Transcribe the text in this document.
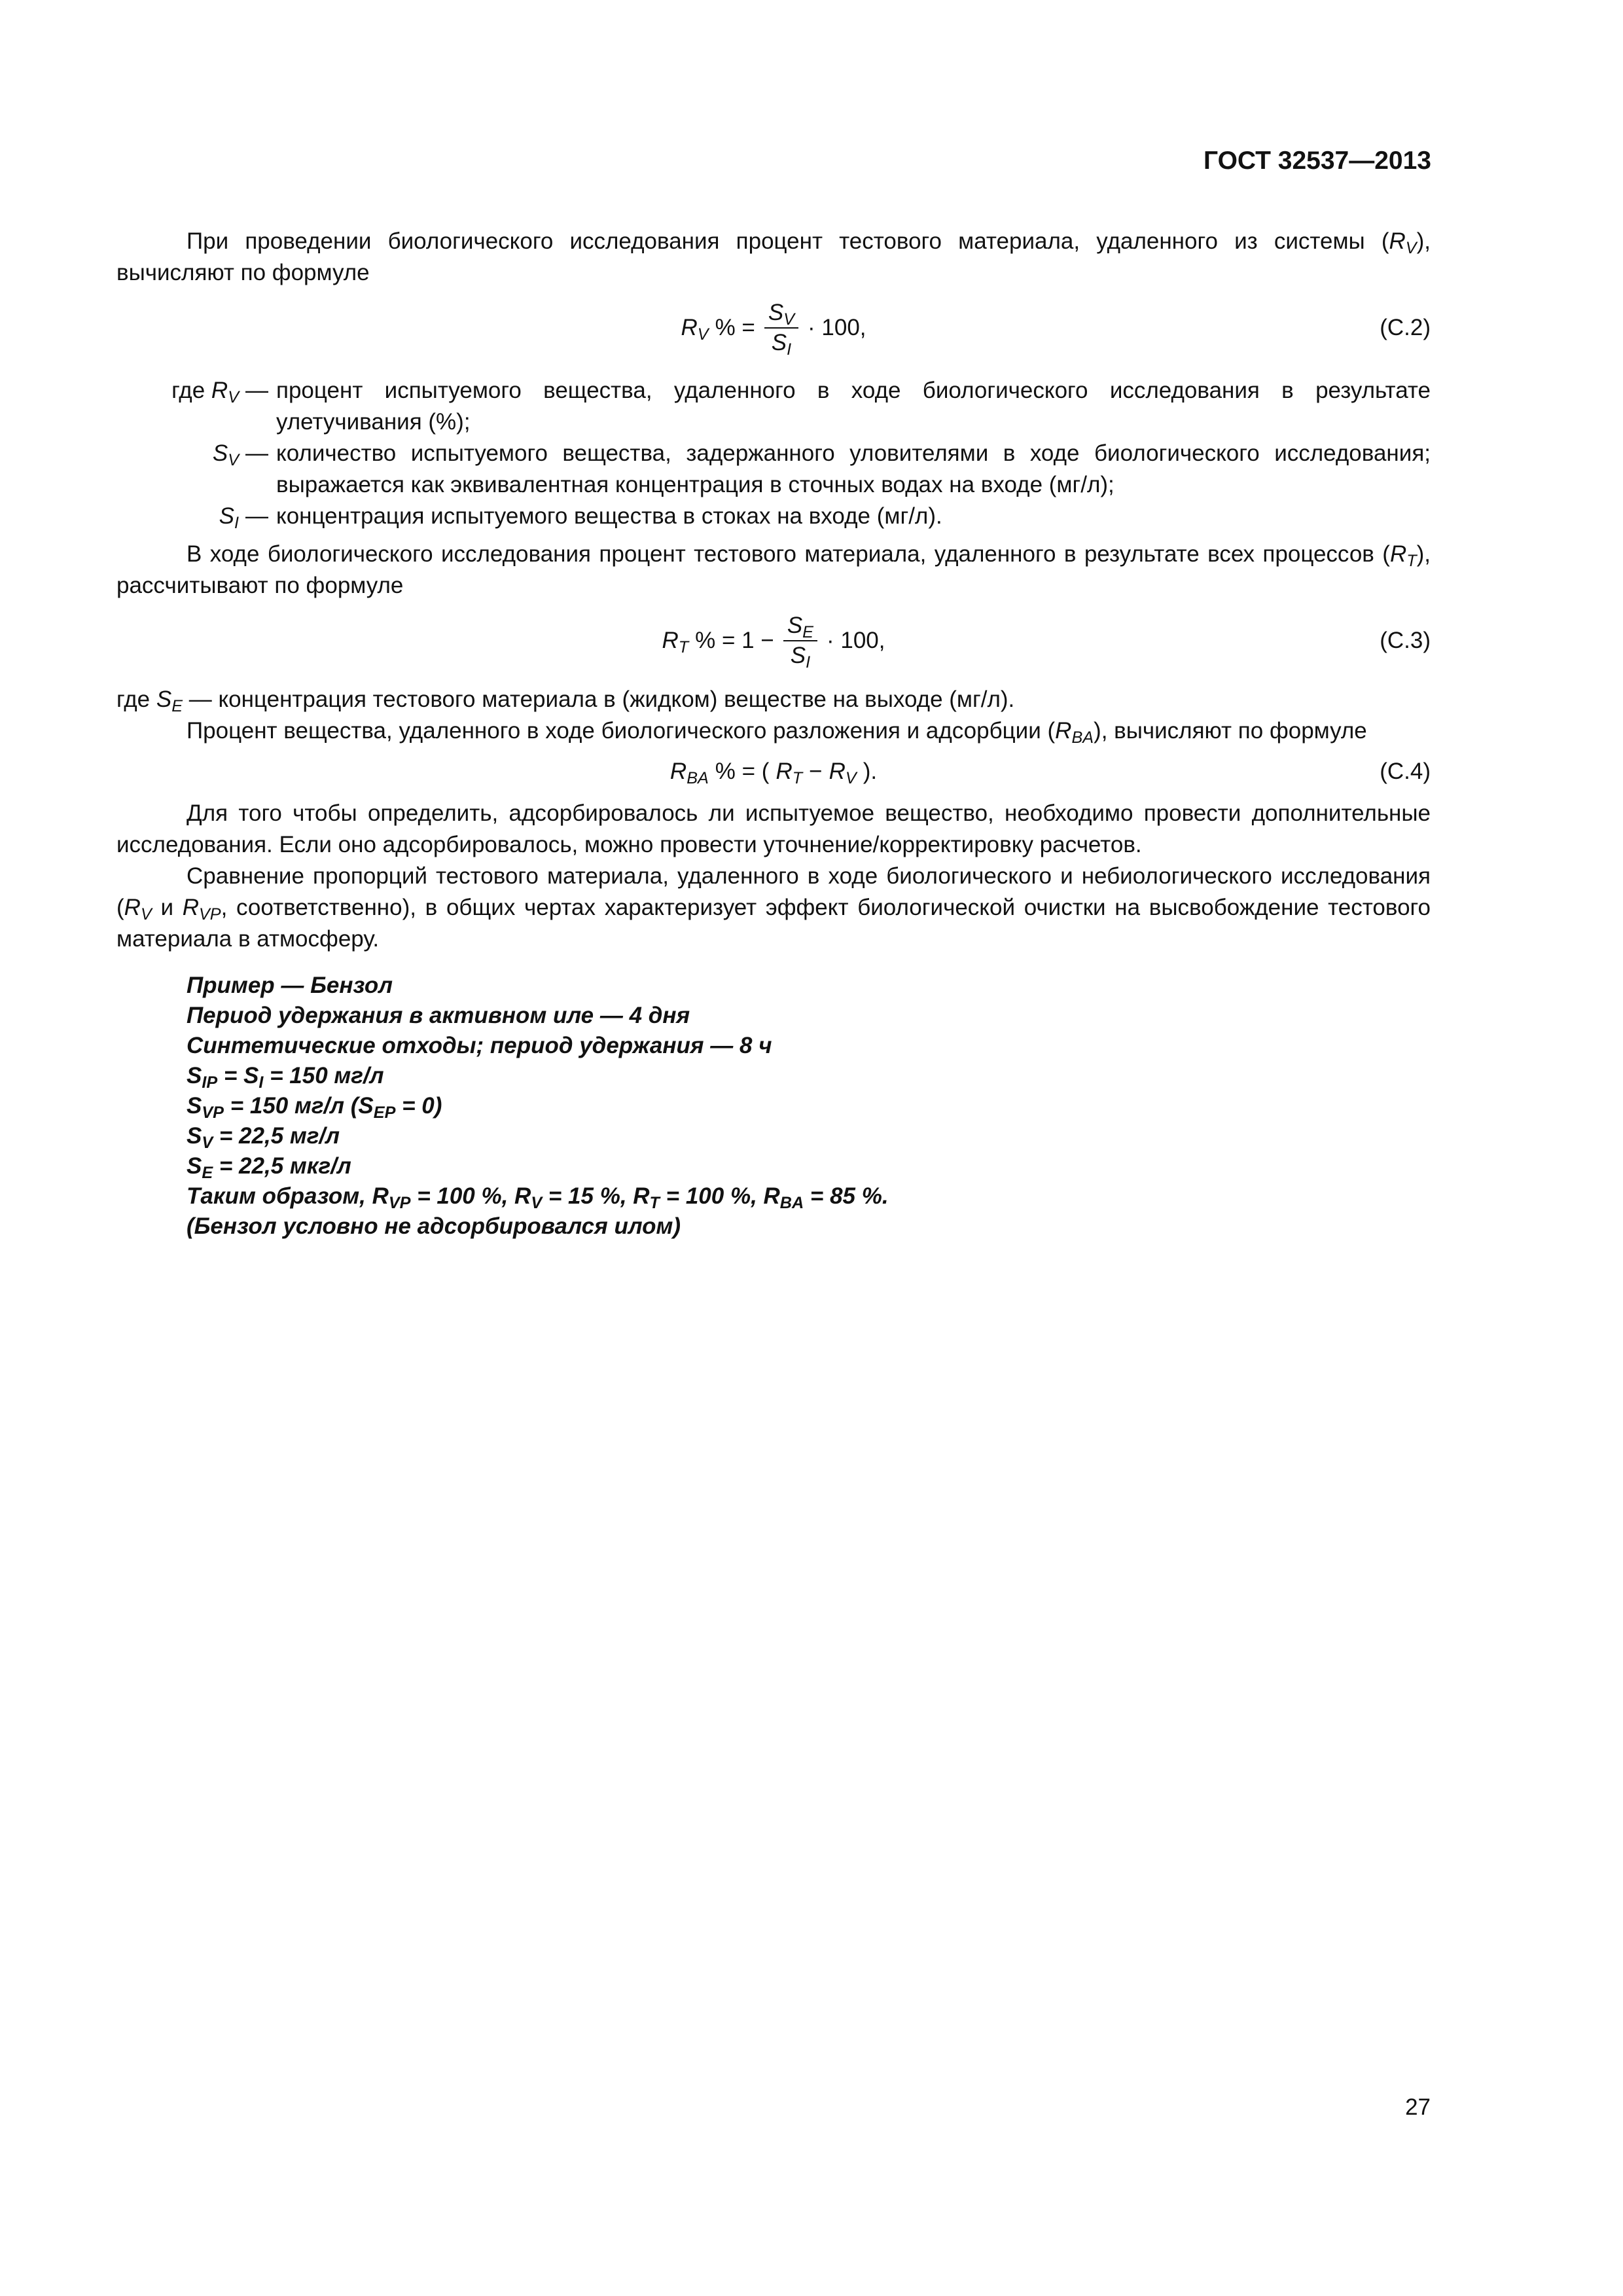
ГОСТ 32537—2013

При проведении биологического исследования процент тестового материала, удаленного из системы $(R_V)$, вычисляют по формуле

$R_V$ % = $\frac{S_V}{S_I} \cdot 100$,	(С.2)
где $R_V$ — процент испытуемого вещества, удаленного в ходе биологического исследования в результате улетучивания (%);
$S_V$ — количество испытуемого вещества, задержанного уловителями в ходе биологического исследования; выражается как эквивалентная концентрация в сточных водах на входе (мг/л);
$S_I$ — концентрация испытуемого вещества в стоках на входе (мг/л).

В ходе биологического исследования процент тестового материала, удаленного в результате всех процессов $(R_T)$, рассчитывают по формуле

$R_T$ % = $1 - \frac{S_E}{S_I} \cdot 100$,	(С.3)

где $S_E$ — концентрация тестового материала в (жидком) веществе на выходе (мг/л).

Процент вещества, удаленного в ходе биологического разложения и адсорбции $(R_{BA})$, вычисляют по формуле

$R_{BA}$ % = ( $R_T - R_V$ ).	(С.4)

Для того чтобы определить, адсорбировалось ли испытуемое вещество, необходимо провести дополнительные исследования. Если оно адсорбировалось, можно провести уточнение/корректировку расчетов.

Сравнение пропорций тестового материала, удаленного в ходе биологического и небиологического исследования ($R_V$ и $R_{VP}$, соответственно), в общих чертах характеризует эффект биологической очистки на высвобождение тестового материала в атмосферу.

Пример — Бензол
Период удержания в активном иле — 4 дня
Синтетические отходы; период удержания — 8 ч
$S_{IP} = S_I = 150$ мг/л
$S_{VP} = 150$ мг/л $(S_{EP} = 0)$
$S_V = 22,5$ мг/л
$S_E = 22,5$ мкг/л
Таким образом, $R_{VP} = 100$ %, $R_V = 15$ %, $R_T = 100$ %, $R_{BA} = 85$ %.
(Бензол условно не адсорбировался илом)
27
